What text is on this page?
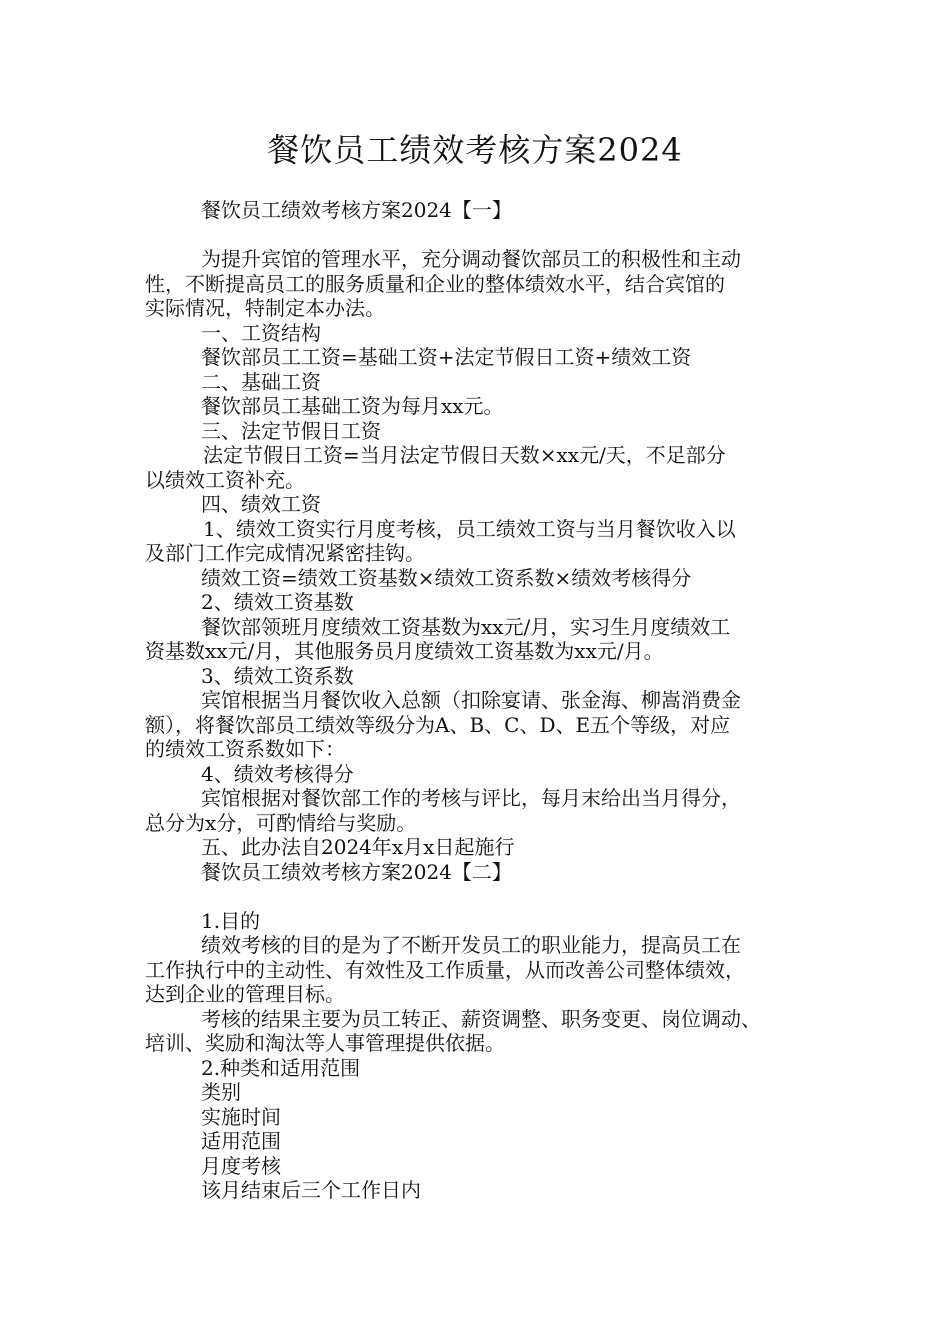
餐饮员工绩效考核方案2024
餐饮员工绩效考核方案2024【一】
为提升宾馆的管理水平，充分调动餐饮部员工的积极性和主动
性，不断提高员工的服务质量和企业的整体绩效水平，结合宾馆的
实际情况，特制定本办法。
一、工资结构
餐饮部员工工资=基础工资+法定节假日工资+绩效工资
二、基础工资
餐饮部员工基础工资为每月xx元。
三、法定节假日工资
法定节假日工资=当月法定节假日天数×xx元/天，不足部分
以绩效工资补充。
四、绩效工资
1、绩效工资实行月度考核，员工绩效工资与当月餐饮收入以
及部门工作完成情况紧密挂钩。
绩效工资=绩效工资基数×绩效工资系数×绩效考核得分
2、绩效工资基数
餐饮部领班月度绩效工资基数为xx元/月，实习生月度绩效工
资基数xx元/月，其他服务员月度绩效工资基数为xx元/月。
3、绩效工资系数
宾馆根据当月餐饮收入总额（扣除宴请、张金海、柳嵩消费金
额），将餐饮部员工绩效等级分为A、B、C、D、E五个等级，对应
的绩效工资系数如下：
4、绩效考核得分
宾馆根据对餐饮部工作的考核与评比，每月末给出当月得分，
总分为x分，可酌情给与奖励。
五、此办法自2024年x月x日起施行
餐饮员工绩效考核方案2024【二】
1.目的
绩效考核的目的是为了不断开发员工的职业能力，提高员工在
工作执行中的主动性、有效性及工作质量，从而改善公司整体绩效，
达到企业的管理目标。
考核的结果主要为员工转正、薪资调整、职务变更、岗位调动、
培训、奖励和淘汰等人事管理提供依据。
2.种类和适用范围
类别
实施时间
适用范围
月度考核
该月结束后三个工作日内
